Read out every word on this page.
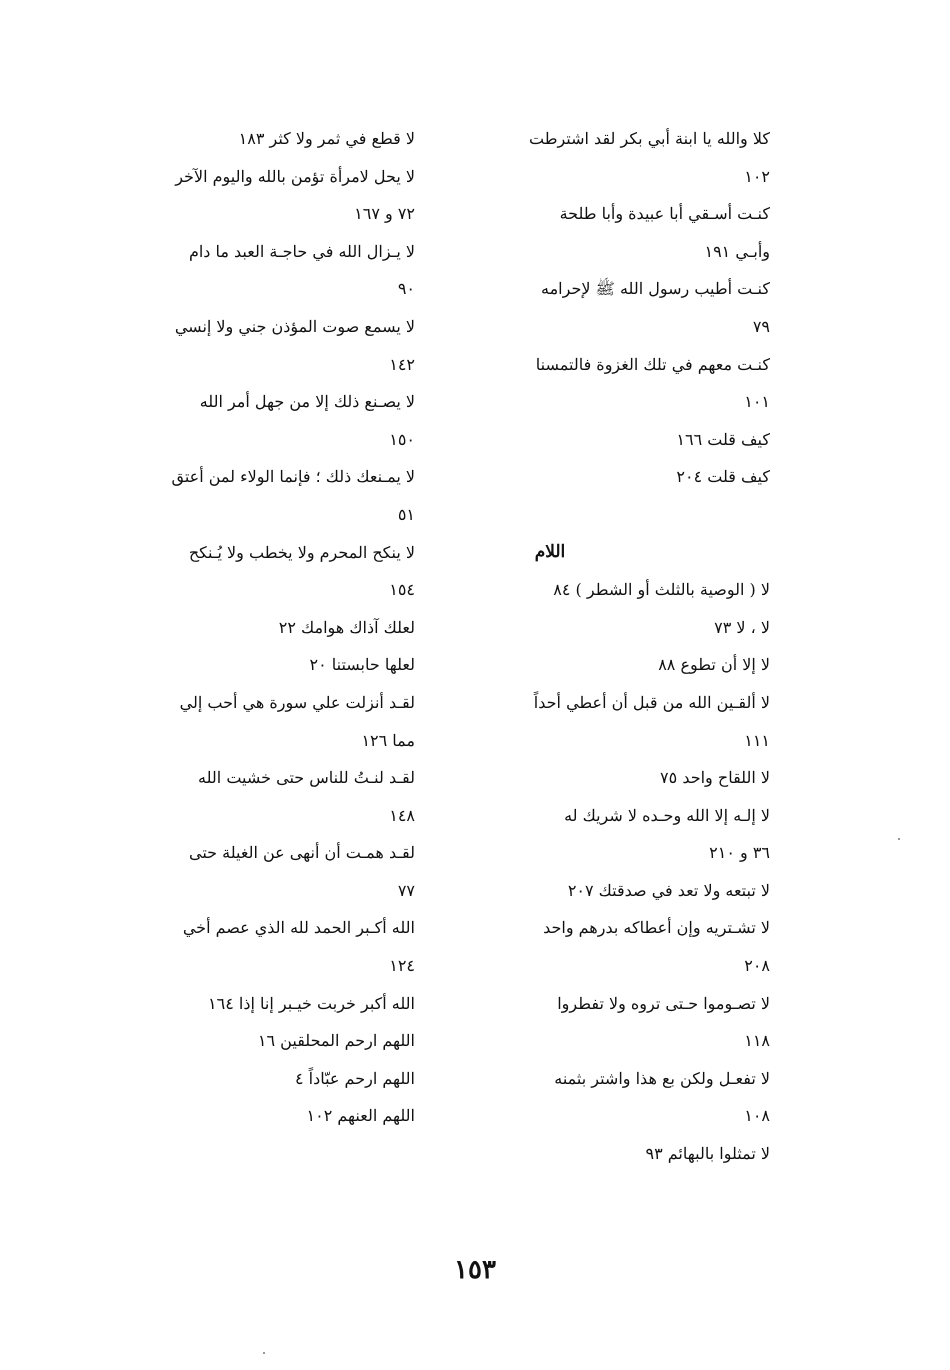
كلا والله يا ابنة أبي بكر لقد اشترطت
١٠٢
كنـت أسـقي أبا عبيدة وأبا طلحة
وأبـي ١٩١
كنـت أطيب رسول الله ﷺ لإحرامه
٧٩
كنـت معهم في تلك الغزوة فالتمسنا
١٠١
كيف قلت ١٦٦
كيف قلت ٢٠٤
اللام
لا ( الوصية بالثلث أو الشطر ) ٨٤
لا ، لا ٧٣
لا إلا أن تطوع ٨٨
لا ألقـين الله من قبل أن أعطي أحداً
١١١
لا اللقاح واحد ٧٥
لا إلـه إلا الله وحـده لا شريك له
٣٦ و ٢١٠
لا تبتعه ولا تعد في صدقتك ٢٠٧
لا تشـتريه وإن أعطاكه بدرهم واحد
٢٠٨
لا تصـوموا حـتى تروه ولا تفطروا
١١٨
لا تفعـل ولكن بع هذا واشتر بثمنه
١٠٨
لا تمثلوا بالبهائم ٩٣
لا قطع في ثمر ولا كثر ١٨٣
لا يحل لامرأة تؤمن بالله واليوم الآخر
٧٢ و ١٦٧
لا يـزال الله في حاجـة العبد ما دام
٩٠
لا يسمع صوت المؤذن جني ولا إنسي
١٤٢
لا يصـنع ذلك إلا من جهل أمر الله
١٥٠
لا يمـنعك ذلك ؛ فإنما الولاء لمن أعتق
٥١
لا ينكح المحرم ولا يخطب ولا يُـنكح
١٥٤
لعلك آذاك هوامك ٢٢
لعلها حابستنا ٢٠
لقـد أنزلت علي سورة هي أحب إلي
مما ١٢٦
لقـد لنـتُ للناس حتى خشيت الله
١٤٨
لقـد همـت أن أنهى عن الغيلة حتى
٧٧
الله أكـبر الحمد لله الذي عصم أخي
١٢٤
الله أكبر خربت خيـبر إنا إذا ١٦٤
اللهم ارحم المحلقين ١٦
اللهم ارحم عبّاداً ٤
اللهم العنهم ١٠٢
١٥٣
